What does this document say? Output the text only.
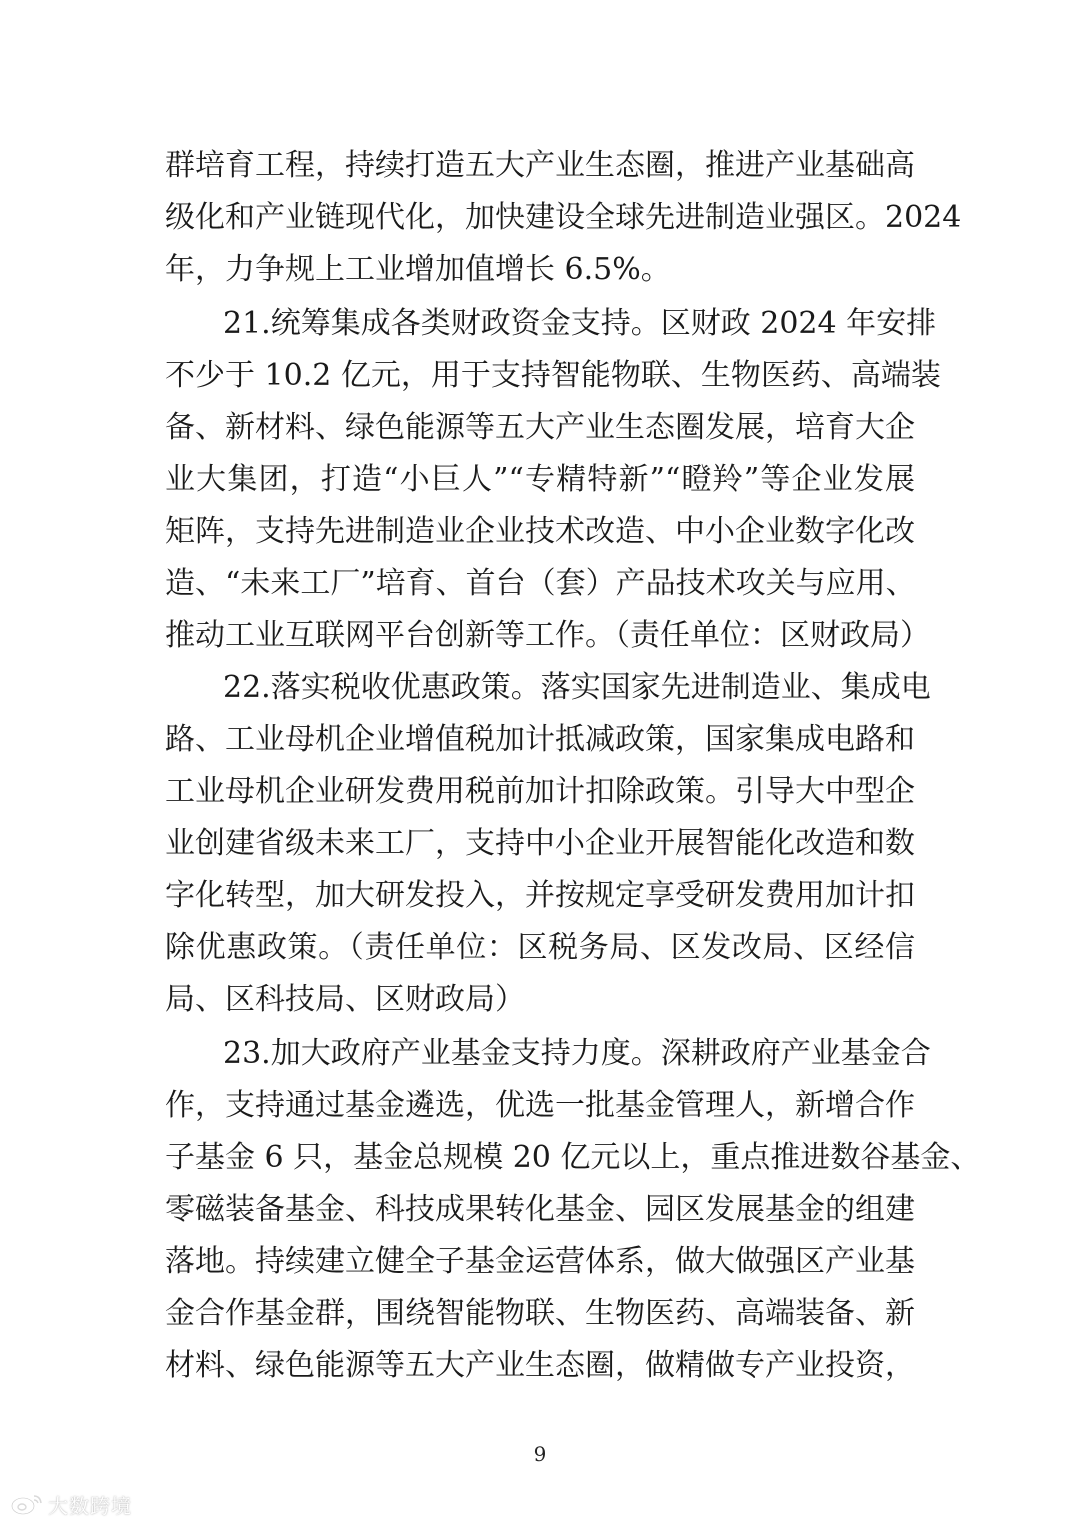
群培育工程，持续打造五大产业生态圈，推进产业基础高
级化和产业链现代化，加快建设全球先进制造业强区。2024
年，力争规上工业增加值增长 6.5%。
21.统筹集成各类财政资金支持。区财政 2024 年安排
不少于 10.2 亿元，用于支持智能物联、生物医药、高端装
备、新材料、绿色能源等五大产业生态圈发展，培育大企
业大集团，打造“小巨人”“专精特新”“瞪羚”等企业发展
矩阵，支持先进制造业企业技术改造、中小企业数字化改
造、“未来工厂”培育、首台（套）产品技术攻关与应用、
推动工业互联网平台创新等工作。（责任单位：区财政局）
22.落实税收优惠政策。落实国家先进制造业、集成电
路、工业母机企业增值税加计抵减政策，国家集成电路和
工业母机企业研发费用税前加计扣除政策。引导大中型企
业创建省级未来工厂，支持中小企业开展智能化改造和数
字化转型，加大研发投入，并按规定享受研发费用加计扣
除优惠政策。（责任单位：区税务局、区发改局、区经信
局、区科技局、区财政局）
23.加大政府产业基金支持力度。深耕政府产业基金合
作，支持通过基金遴选，优选一批基金管理人，新增合作
子基金 6 只，基金总规模 20 亿元以上，重点推进数谷基金、
零磁装备基金、科技成果转化基金、园区发展基金的组建
落地。持续建立健全子基金运营体系，做大做强区产业基
金合作基金群，围绕智能物联、生物医药、高端装备、新
材料、绿色能源等五大产业生态圈，做精做专产业投资，
9
大数跨境
